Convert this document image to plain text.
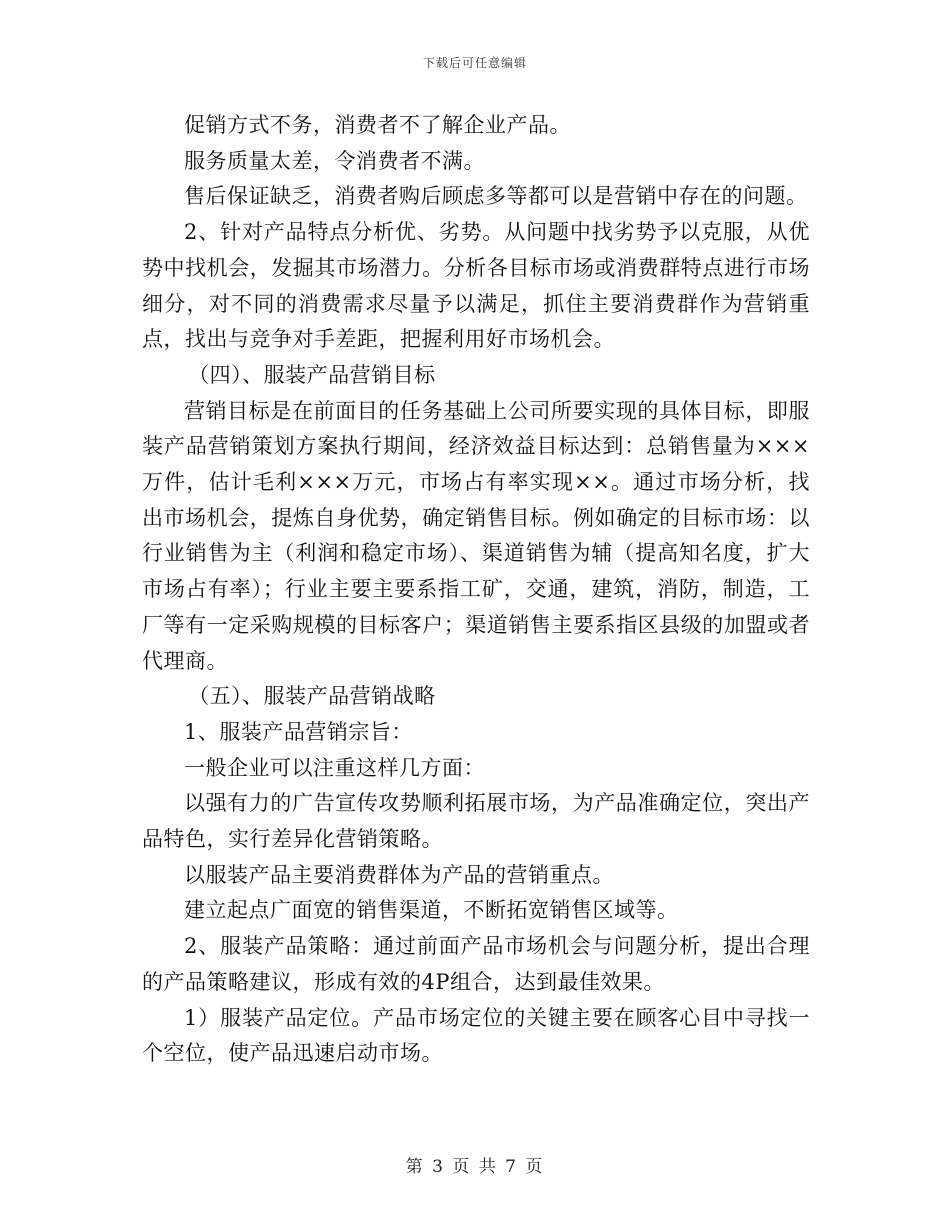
下载后可任意编辑

促销方式不务，消费者不了解企业产品。

服务质量太差，令消费者不满。

售后保证缺乏，消费者购后顾虑多等都可以是营销中存在的问题。

2、针对产品特点分析优、劣势。从问题中找劣势予以克服，从优势中找机会，发掘其市场潜力。分析各目标市场或消费群特点进行市场细分，对不同的消费需求尽量予以满足，抓住主要消费群作为营销重点，找出与竞争对手差距，把握利用好市场机会。

（四）、服装产品营销目标

营销目标是在前面目的任务基础上公司所要实现的具体目标，即服装产品营销策划方案执行期间，经济效益目标达到：总销售量为×××万件，估计毛利×××万元，市场占有率实现××。通过市场分析，找出市场机会，提炼自身优势，确定销售目标。例如确定的目标市场：以行业销售为主（利润和稳定市场）、渠道销售为辅（提高知名度，扩大市场占有率）；行业主要主要系指工矿，交通，建筑，消防，制造，工厂等有一定采购规模的目标客户；渠道销售主要系指区县级的加盟或者代理商。

（五）、服装产品营销战略

1、服装产品营销宗旨：

一般企业可以注重这样几方面：

以强有力的广告宣传攻势顺利拓展市场，为产品准确定位，突出产品特色，实行差异化营销策略。

以服装产品主要消费群体为产品的营销重点。

建立起点广面宽的销售渠道，不断拓宽销售区域等。

2、服装产品策略：通过前面产品市场机会与问题分析，提出合理的产品策略建议，形成有效的4P组合，达到最佳效果。

1）服装产品定位。产品市场定位的关键主要在顾客心目中寻找一个空位，使产品迅速启动市场。

第 3 页 共 7 页
